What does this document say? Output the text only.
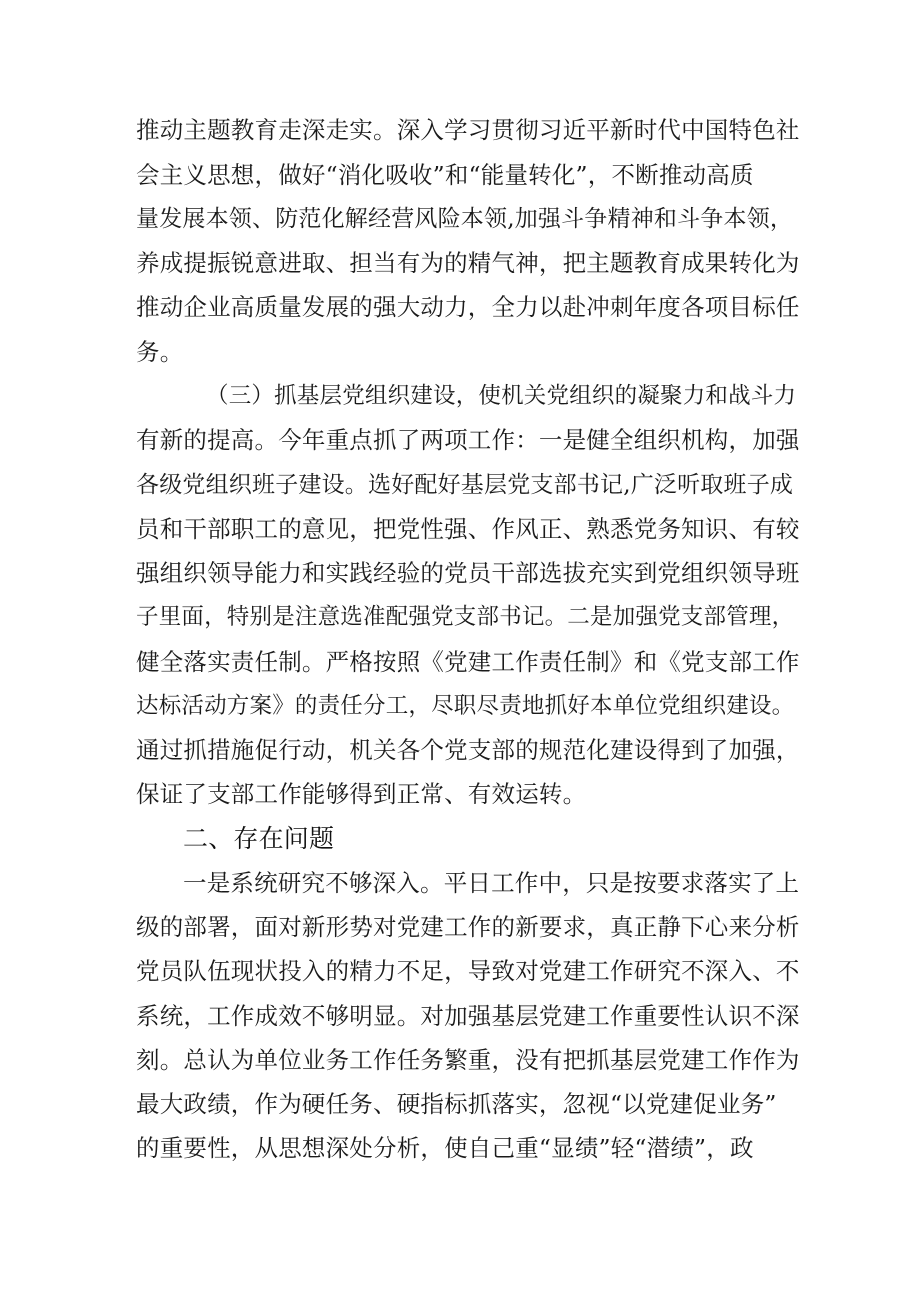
推动主题教育走深走实。深入学习贯彻习近平新时代中国特色社
会主义思想，做好“消化吸收”和“能量转化”，不断推动高质
量发展本领、防范化解经营风险本领,加强斗争精神和斗争本领，
养成提振锐意进取、担当有为的精气神，把主题教育成果转化为
推动企业高质量发展的强大动力，全力以赴冲刺年度各项目标任
务。
（三）抓基层党组织建设，使机关党组织的凝聚力和战斗力
有新的提高。今年重点抓了两项工作：一是健全组织机构，加强
各级党组织班子建设。选好配好基层党支部书记,广泛听取班子成
员和干部职工的意见，把党性强、作风正、熟悉党务知识、有较
强组织领导能力和实践经验的党员干部选拔充实到党组织领导班
子里面，特别是注意选准配强党支部书记。二是加强党支部管理，
健全落实责任制。严格按照《党建工作责任制》和《党支部工作
达标活动方案》的责任分工，尽职尽责地抓好本单位党组织建设。
通过抓措施促行动，机关各个党支部的规范化建设得到了加强，
保证了支部工作能够得到正常、有效运转。
二、存在问题
一是系统研究不够深入。平日工作中，只是按要求落实了上
级的部署，面对新形势对党建工作的新要求，真正静下心来分析
党员队伍现状投入的精力不足，导致对党建工作研究不深入、不
系统，工作成效不够明显。对加强基层党建工作重要性认识不深
刻。总认为单位业务工作任务繁重，没有把抓基层党建工作作为
最大政绩，作为硬任务、硬指标抓落实，忽视“以党建促业务”
的重要性，从思想深处分析，使自己重“显绩”轻“潜绩”，政
